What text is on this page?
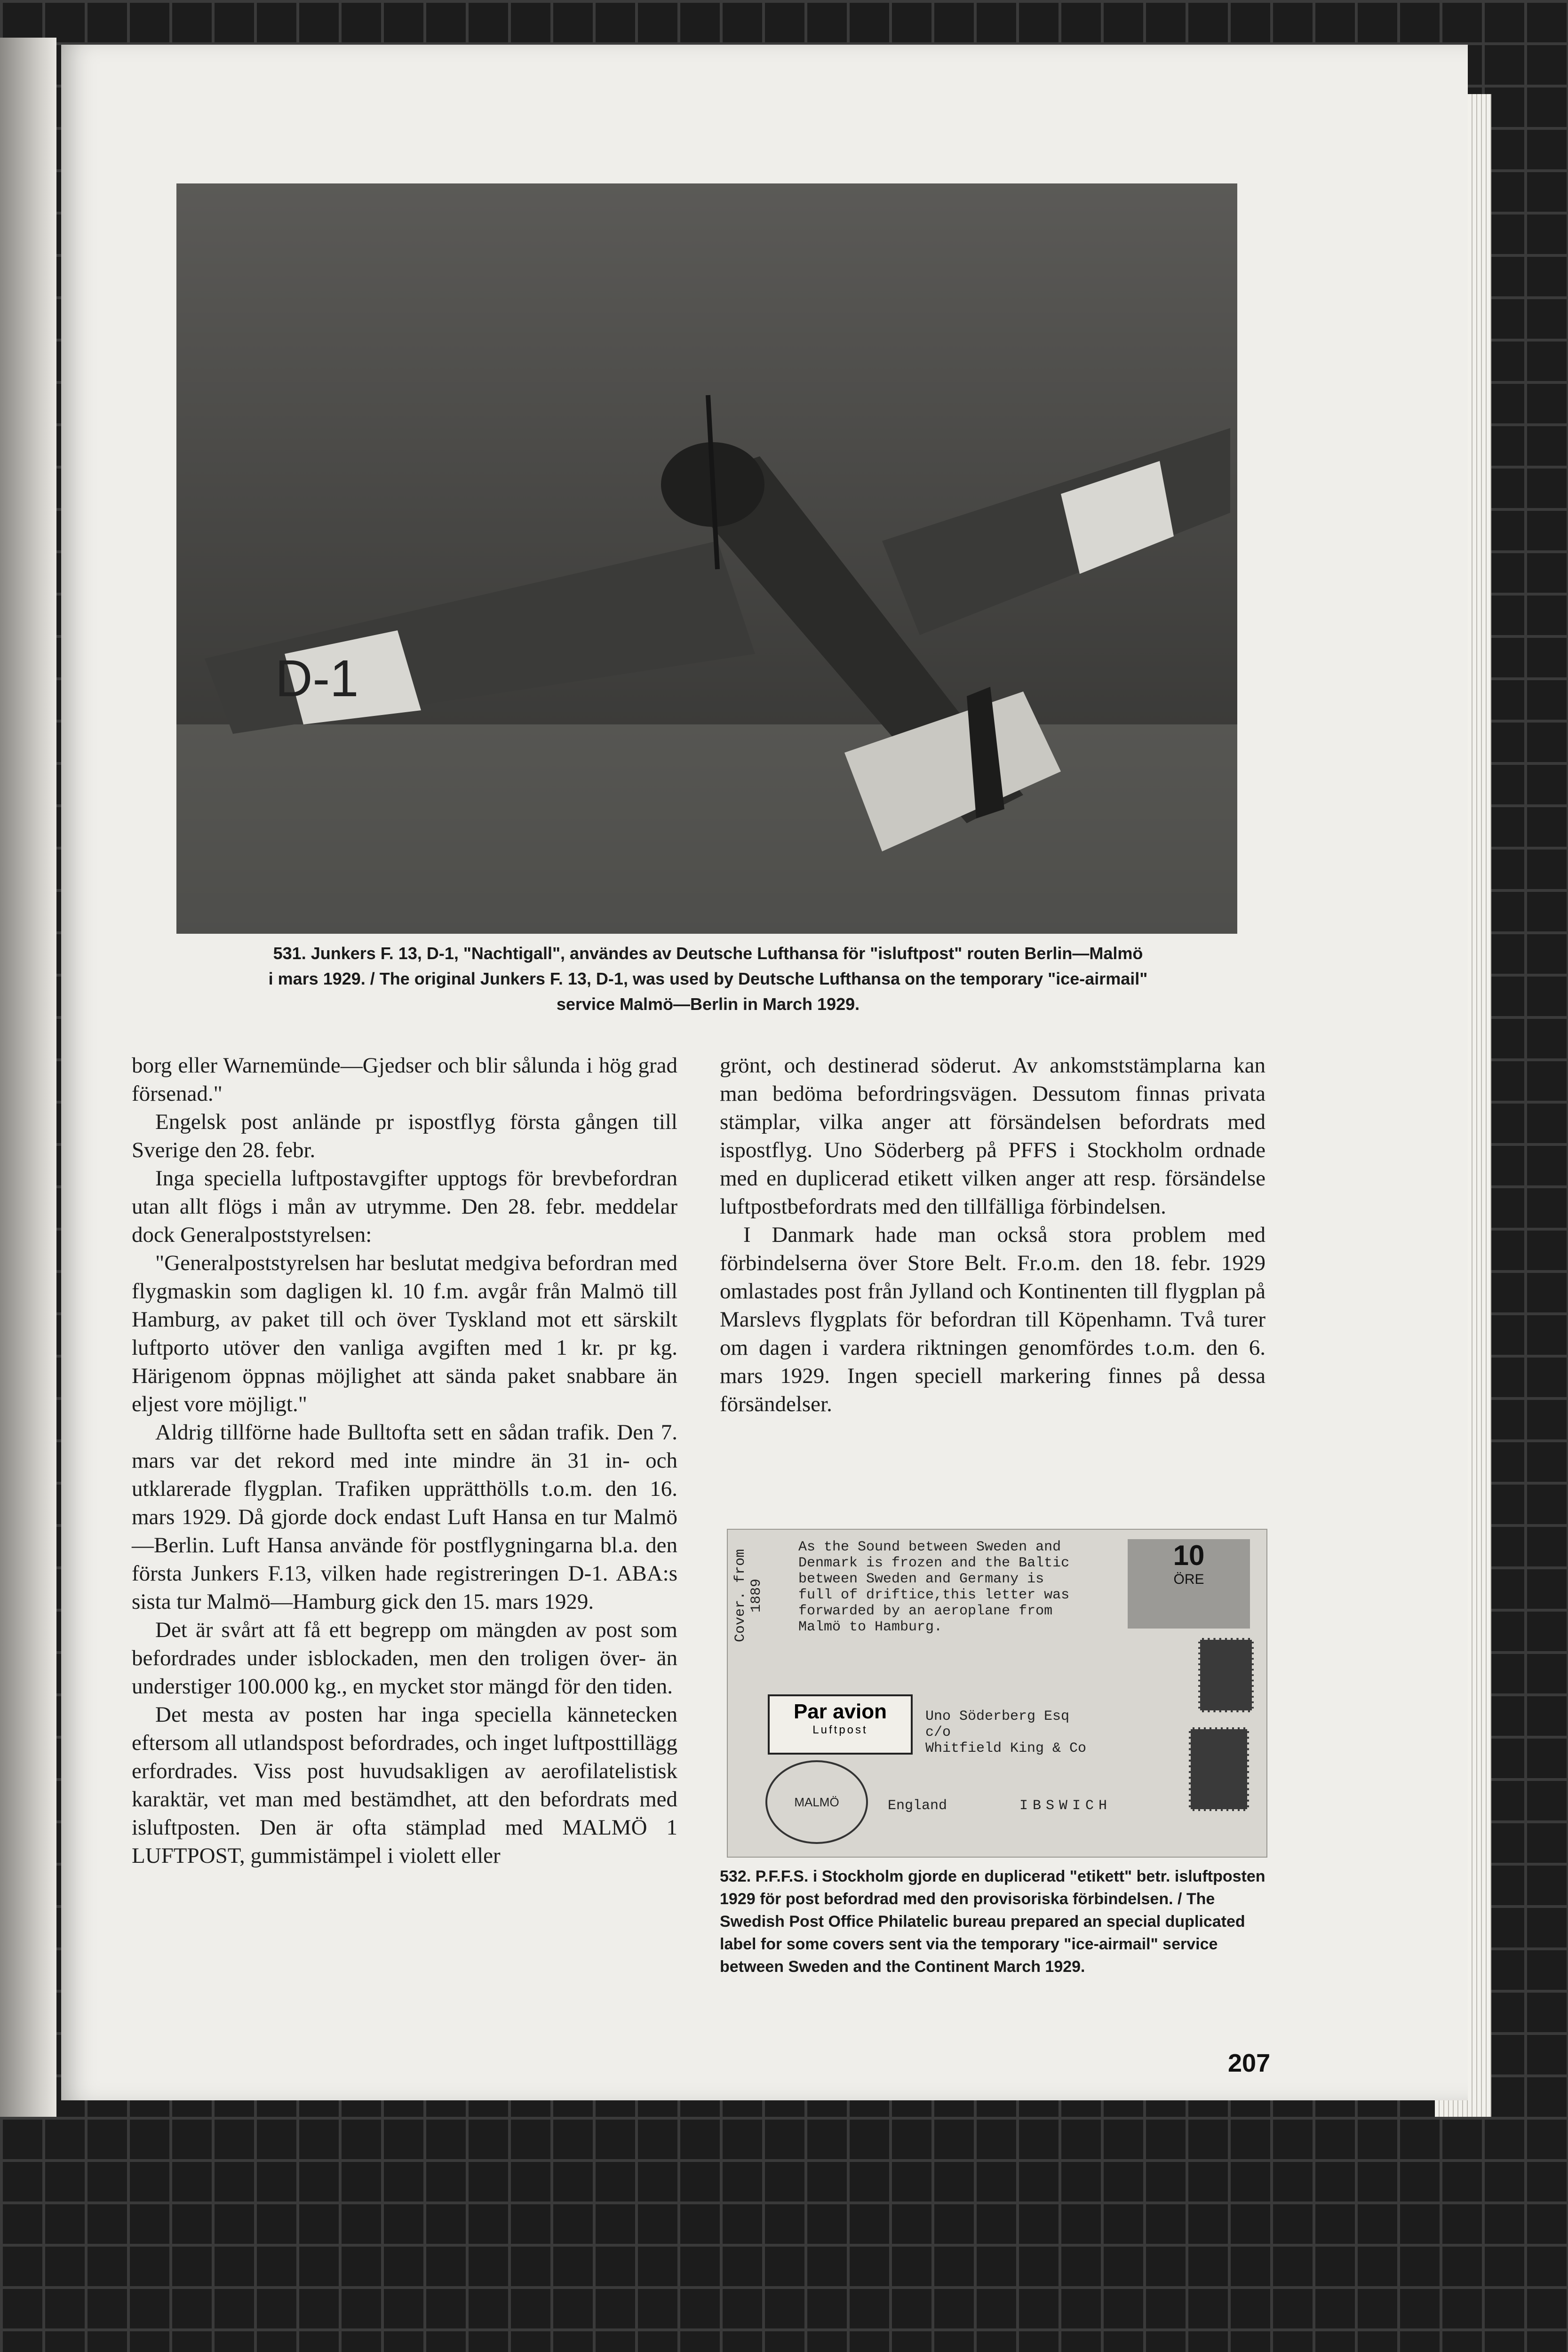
D-1
531. Junkers F. 13, D-1, "Nachtigall", användes av Deutsche Lufthansa för "isluftpost" routen Berlin—Malmö
i mars 1929. / The original Junkers F. 13, D-1, was used by Deutsche Lufthansa on the temporary "ice-airmail"
service Malmö—Berlin in March 1929.

borg eller Warnemünde—Gjedser och blir sålunda i hög grad försenad."

Engelsk post anlände pr ispostflyg första gången till Sverige den 28. febr.

Inga speciella luftpostavgifter upptogs för brevbefordran utan allt flögs i mån av utrymme. Den 28. febr. meddelar dock Generalpoststyrelsen:

"Generalpoststyrelsen har beslutat medgiva befordran med flygmaskin som dagligen kl. 10 f.m. avgår från Malmö till Hamburg, av paket till och över Tyskland mot ett särskilt luftporto utöver den vanliga avgiften med 1 kr. pr kg. Härigenom öppnas möjlighet att sända paket snabbare än eljest vore möjligt."

Aldrig tillförne hade Bulltofta sett en sådan trafik. Den 7. mars var det rekord med inte mindre än 31 in- och utklarerade flygplan. Trafiken upprätthölls t.o.m. den 16. mars 1929. Då gjorde dock endast Luft Hansa en tur Malmö—Berlin. Luft Hansa använde för postflygningarna bl.a. den första Junkers F.13, vilken hade registreringen D-1. ABA:s sista tur Malmö—Hamburg gick den 15. mars 1929.

Det är svårt att få ett begrepp om mängden av post som befordrades under isblockaden, men den troligen över- än understiger 100.000 kg., en mycket stor mängd för den tiden.

Det mesta av posten har inga speciella kännetecken eftersom all utlandspost befordrades, och inget luftposttillägg erfordrades. Viss post huvudsakligen av aerofilatelistisk karaktär, vet man med bestämdhet, att den befordrats med isluftposten. Den är ofta stämplad med MALMÖ 1 LUFTPOST, gummistämpel i violett eller

grönt, och destinerad söderut. Av ankomststämplarna kan man bedöma befordringsvägen. Dessutom finnas privata stämplar, vilka anger att försändelsen befordrats med ispostflyg. Uno Söderberg på PFFS i Stockholm ordnade med en duplicerad etikett vilken anger att resp. försändelse luftpostbefordrats med den tillfälliga förbindelsen.

I Danmark hade man också stora problem med förbindelserna över Store Belt. Fr.o.m. den 18. febr. 1929 omlastades post från Jylland och Kontinenten till flygplan på Marslevs flygplats för befordran till Köpenhamn. Två turer om dagen i vardera riktningen genomfördes t.o.m. den 6. mars 1929. Ingen speciell markering finnes på dessa försändelser.

Cover. from 1889
As the Sound between Sweden and
Denmark is frozen and the Baltic
between Sweden and Germany is
full of driftice,this letter was
forwarded by an aeroplane from
Malmö to Hamburg.
10
ÖRE
Par avion
Luftpost
MALMÖ
Uno Söderberg Esq
c/o
Whitfield King & Co
England	IBSWICH
532. P.F.F.S. i Stockholm gjorde en duplicerad "etikett" betr. isluftposten 1929 för post befordrad med den provisoriska förbindelsen. / The Swedish Post Office Philatelic bureau prepared an special duplicated label for some covers sent via the temporary "ice-airmail" service between Sweden and the Continent March 1929.
207
